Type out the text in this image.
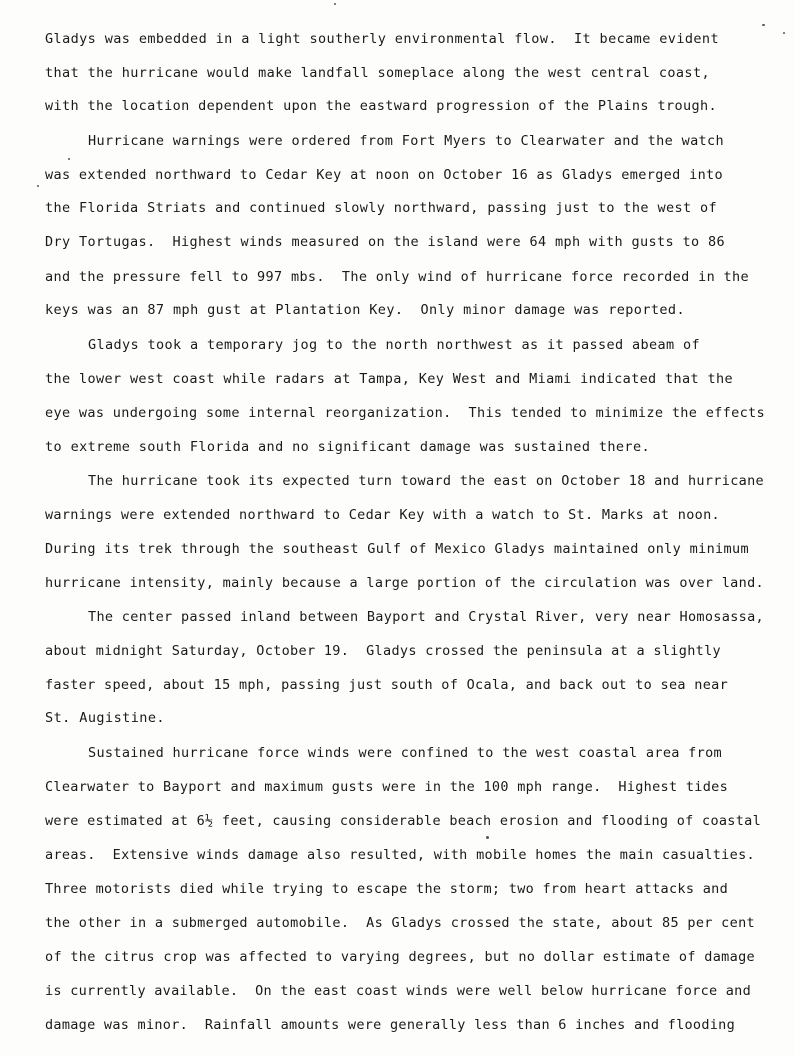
Gladys was embedded in a light southerly environmental flow.  It became evident
that the hurricane would make landfall someplace along the west central coast,
with the location dependent upon the eastward progression of the Plains trough.
Hurricane warnings were ordered from Fort Myers to Clearwater and the watch
was extended northward to Cedar Key at noon on October 16 as Gladys emerged into
the Florida Striats and continued slowly northward, passing just to the west of
Dry Tortugas.  Highest winds measured on the island were 64 mph with gusts to 86
and the pressure fell to 997 mbs.  The only wind of hurricane force recorded in the
keys was an 87 mph gust at Plantation Key.  Only minor damage was reported.
Gladys took a temporary jog to the north northwest as it passed abeam of
the lower west coast while radars at Tampa, Key West and Miami indicated that the
eye was undergoing some internal reorganization.  This tended to minimize the effects
to extreme south Florida and no significant damage was sustained there.
The hurricane took its expected turn toward the east on October 18 and hurricane
warnings were extended northward to Cedar Key with a watch to St. Marks at noon.
During its trek through the southeast Gulf of Mexico Gladys maintained only minimum
hurricane intensity, mainly because a large portion of the circulation was over land.
The center passed inland between Bayport and Crystal River, very near Homosassa,
about midnight Saturday, October 19.  Gladys crossed the peninsula at a slightly
faster speed, about 15 mph, passing just south of Ocala, and back out to sea near
St. Augistine.
Sustained hurricane force winds were confined to the west coastal area from
Clearwater to Bayport and maximum gusts were in the 100 mph range.  Highest tides
were estimated at 6½ feet, causing considerable beach erosion and flooding of coastal
areas.  Extensive winds damage also resulted, with mobile homes the main casualties.
Three motorists died while trying to escape the storm; two from heart attacks and
the other in a submerged automobile.  As Gladys crossed the state, about 85 per cent
of the citrus crop was affected to varying degrees, but no dollar estimate of damage
is currently available.  On the east coast winds were well below hurricane force and
damage was minor.  Rainfall amounts were generally less than 6 inches and flooding
